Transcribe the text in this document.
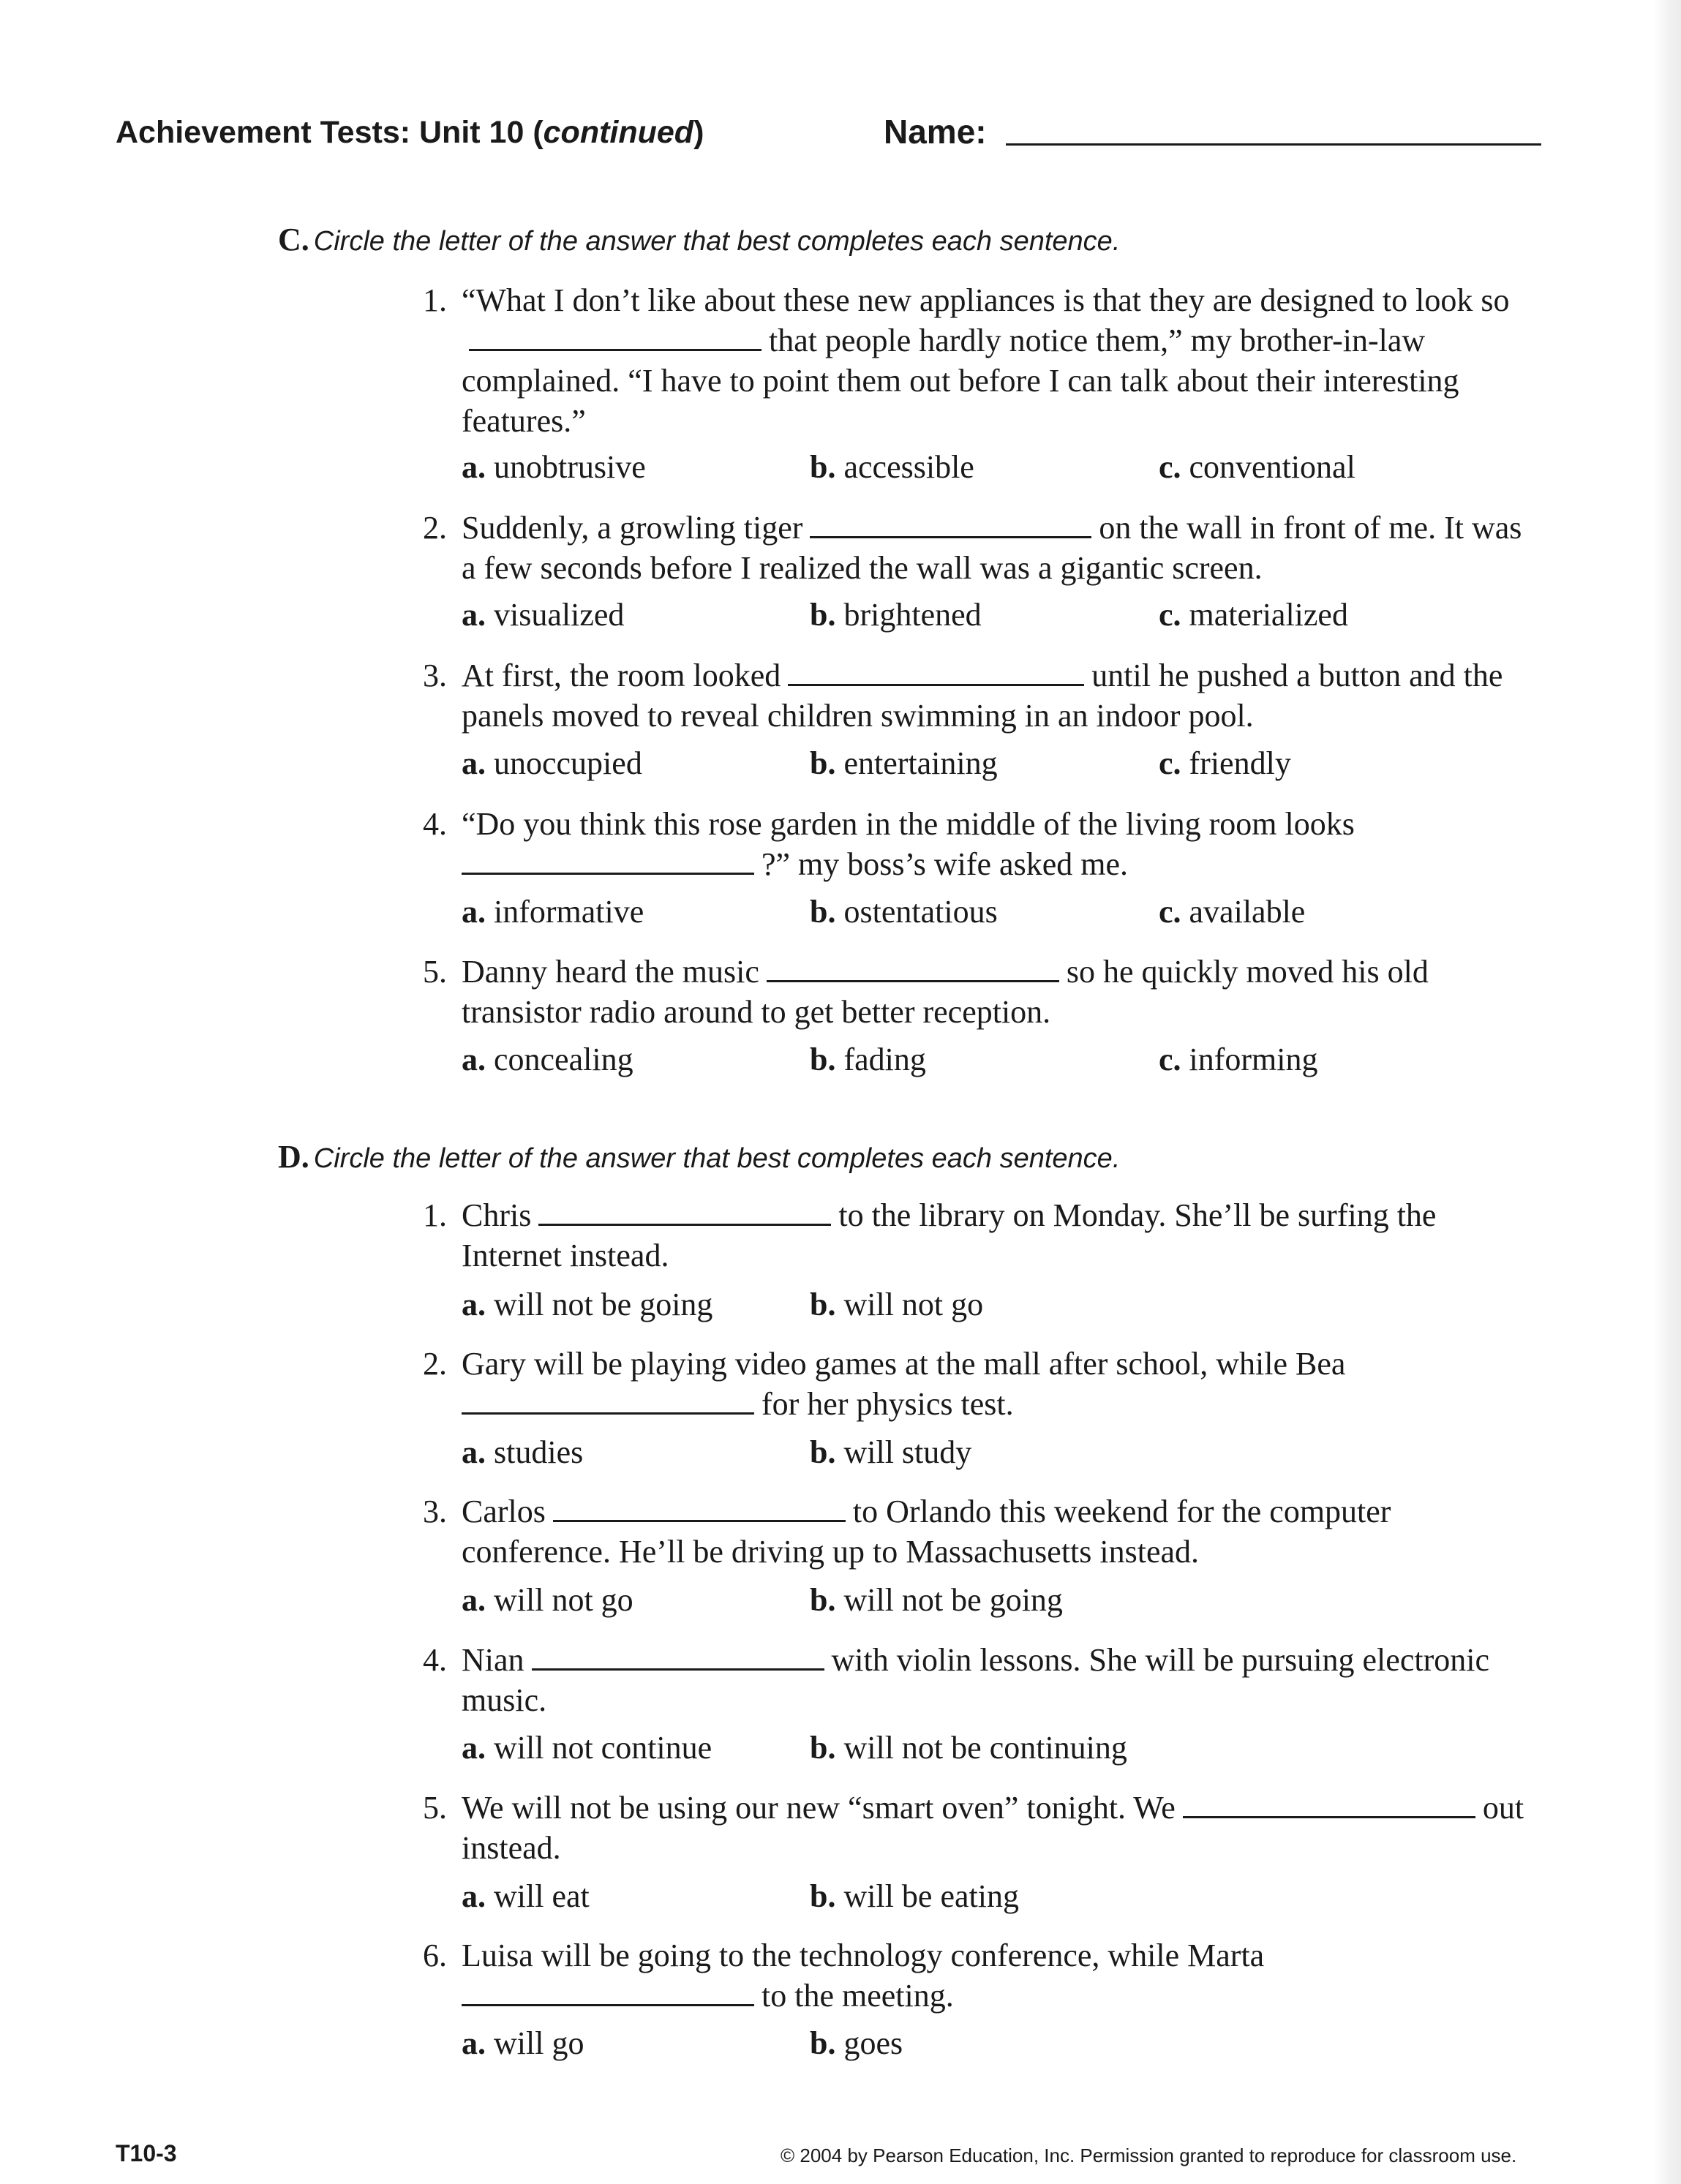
Achievement Tests: Unit 10 (continued)	Name:
C. Circle the letter of the answer that best completes each sentence.
1. “What I don’t like about these new appliances is that they are designed to look sothat people hardly notice them,” my brother-in-law complained. “I have to point them out before I can talk about their interesting features.”
a. unobtrusive	b. accessible	c. conventional
2. Suddenly, a growling tiger	on the wall in front of me. It was a few seconds before I realized the wall was a gigantic screen.
a. visualized	b. brightened	c. materialized
3. At first, the room looked	until he pushed a button and the panels moved to reveal children swimming in an indoor pool.
a. unoccupied	b. entertaining	c. friendly
4. “Do you think this rose garden in the middle of the living room looks?” my boss’s wife asked me.
a. informative	b. ostentatious	c. available
5. Danny heard the music	so he quickly moved his old transistor radio around to get better reception.
a. concealing	b. fading	c. informing
D. Circle the letter of the answer that best completes each sentence.
1. Chris	to the library on Monday. She’ll be surfing the Internet instead.
a. will not be going	b. will not go
2. Gary will be playing video games at the mall after school, while Beafor her physics test.
a. studies	b. will study
3. Carlos	to Orlando this weekend for the computer conference. He’ll be driving up to Massachusetts instead.
a. will not go	b. will not be going
4. Nian	with violin lessons. She will be pursuing electronic music.
a. will not continue	b. will not be continuing
5. We will not be using our new “smart oven” tonight. We	out instead.
a. will eat	b. will be eating
6. Luisa will be going to the technology conference, while Martato the meeting.
a. will go	b. goes
T10-3	© 2004 by Pearson Education, Inc. Permission granted to reproduce for classroom use.
